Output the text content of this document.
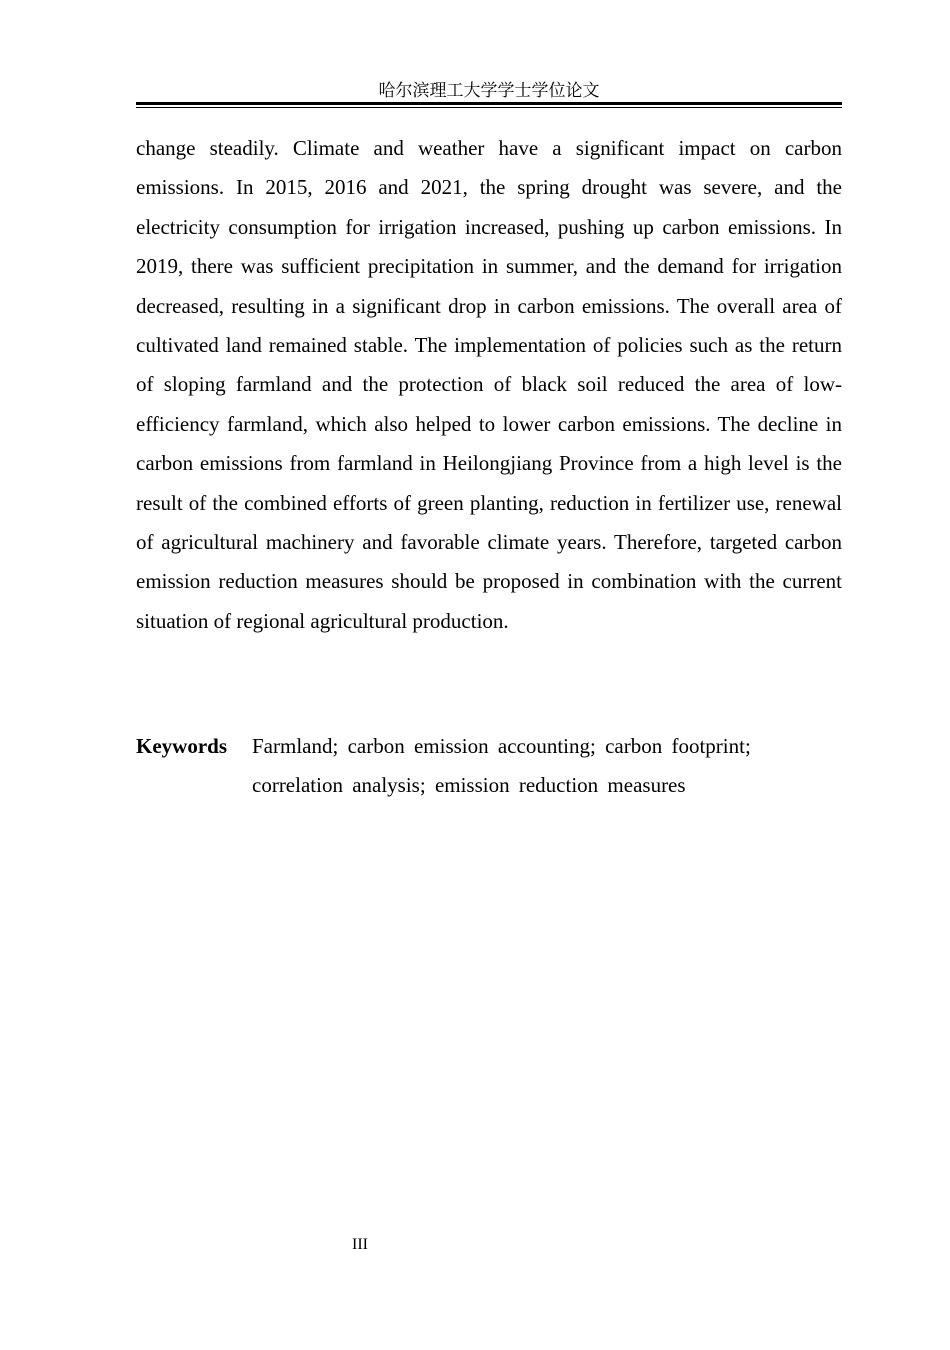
哈尔滨理工大学学士学位论文

change steadily. Climate and weather have a significant impact on carbon emissions. In 2015, 2016 and 2021, the spring drought was severe, and the electricity consumption for irrigation increased, pushing up carbon emissions. In 2019, there was sufficient precipitation in summer, and the demand for irrigation decreased, resulting in a significant drop in carbon emissions. The overall area of cultivated land remained stable. The implementation of policies such as the return of sloping farmland and the protection of black soil reduced the area of low-efficiency farmland, which also helped to lower carbon emissions. The decline in carbon emissions from farmland in Heilongjiang Province from a high level is the result of the combined efforts of green planting, reduction in fertilizer use, renewal of agricultural machinery and favorable climate years. Therefore, targeted carbon emission reduction measures should be proposed in combination with the current situation of regional agricultural production.

Keywords Farmland; carbon emission accounting; carbon footprint; correlation analysis; emission reduction measures
III
